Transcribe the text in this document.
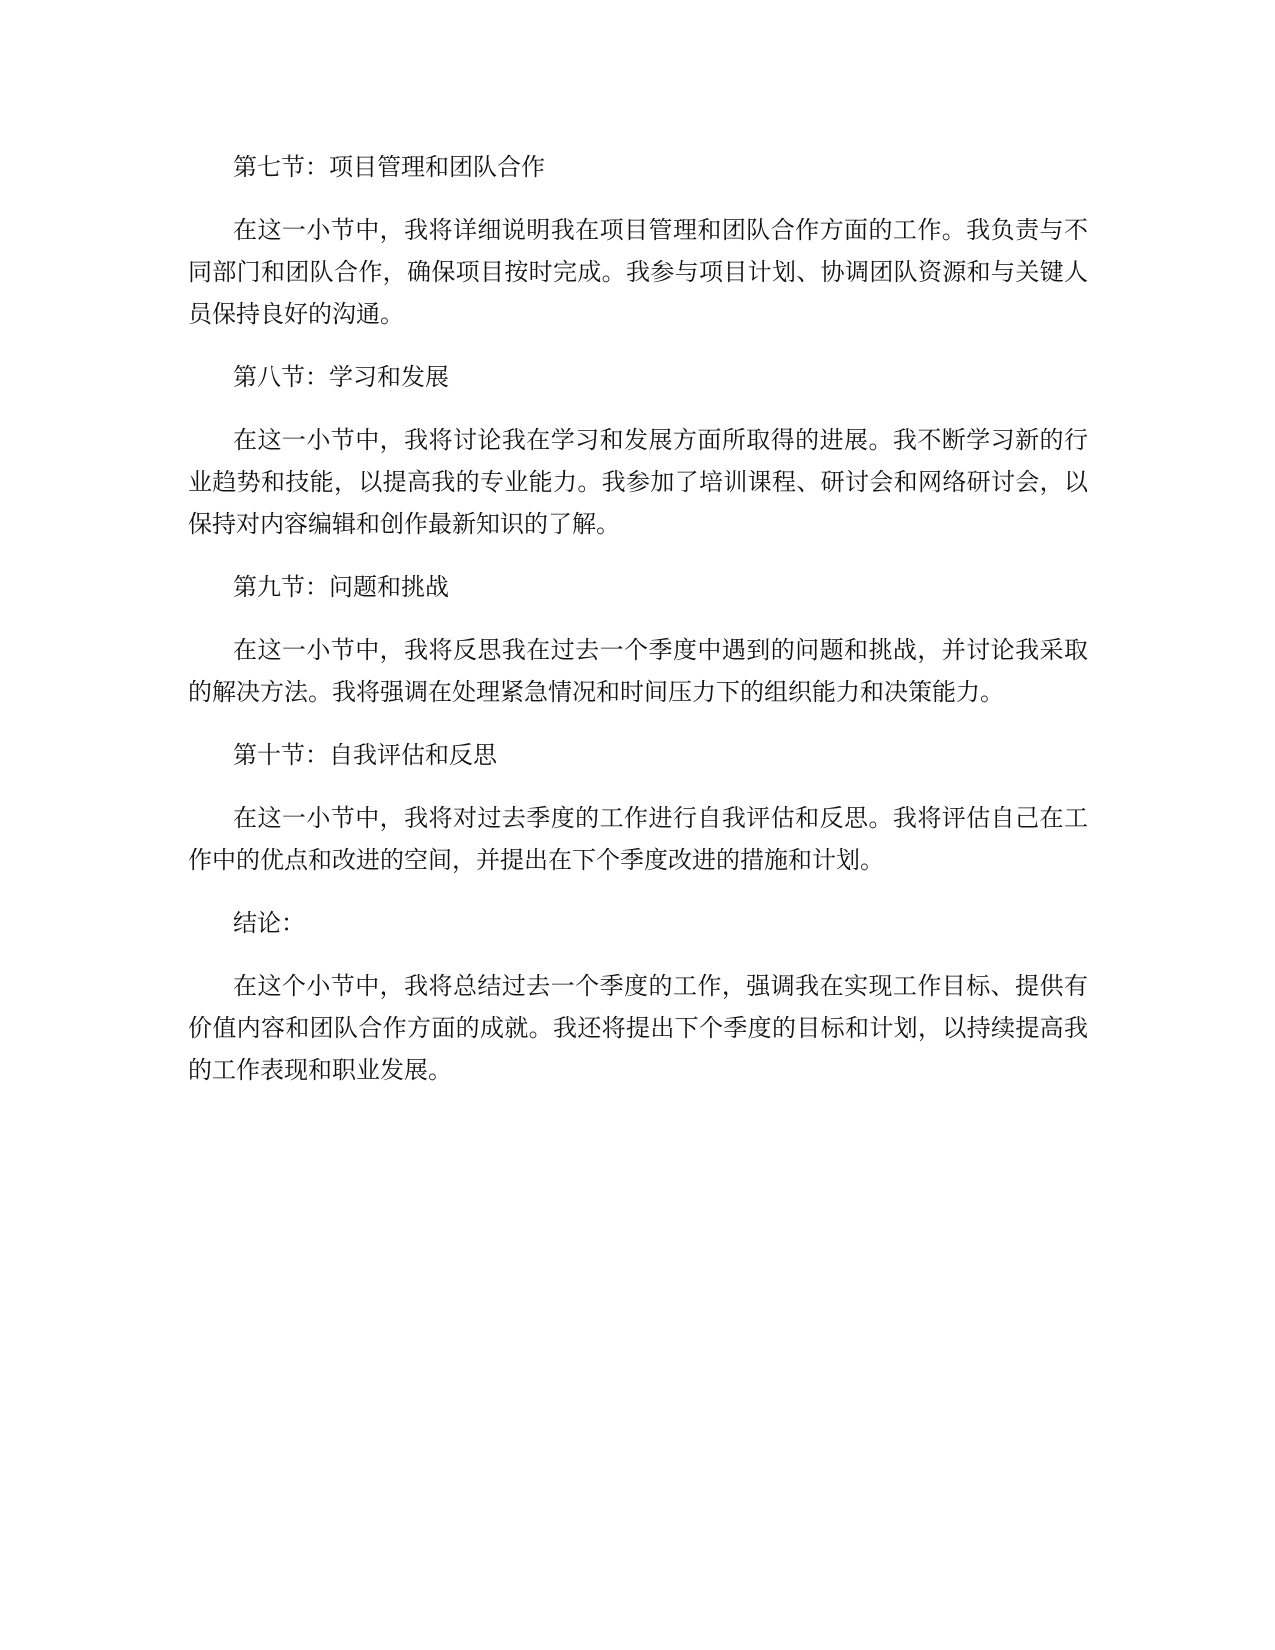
第七节：项目管理和团队合作

在这一小节中，我将详细说明我在项目管理和团队合作方面的工作。我负责与不同部门和团队合作，确保项目按时完成。我参与项目计划、协调团队资源和与关键人员保持良好的沟通。

第八节：学习和发展

在这一小节中，我将讨论我在学习和发展方面所取得的进展。我不断学习新的行业趋势和技能，以提高我的专业能力。我参加了培训课程、研讨会和网络研讨会，以保持对内容编辑和创作最新知识的了解。

第九节：问题和挑战

在这一小节中，我将反思我在过去一个季度中遇到的问题和挑战，并讨论我采取的解决方法。我将强调在处理紧急情况和时间压力下的组织能力和决策能力。

第十节：自我评估和反思

在这一小节中，我将对过去季度的工作进行自我评估和反思。我将评估自己在工作中的优点和改进的空间，并提出在下个季度改进的措施和计划。

结论：

在这个小节中，我将总结过去一个季度的工作，强调我在实现工作目标、提供有价值内容和团队合作方面的成就。我还将提出下个季度的目标和计划，以持续提高我的工作表现和职业发展。
